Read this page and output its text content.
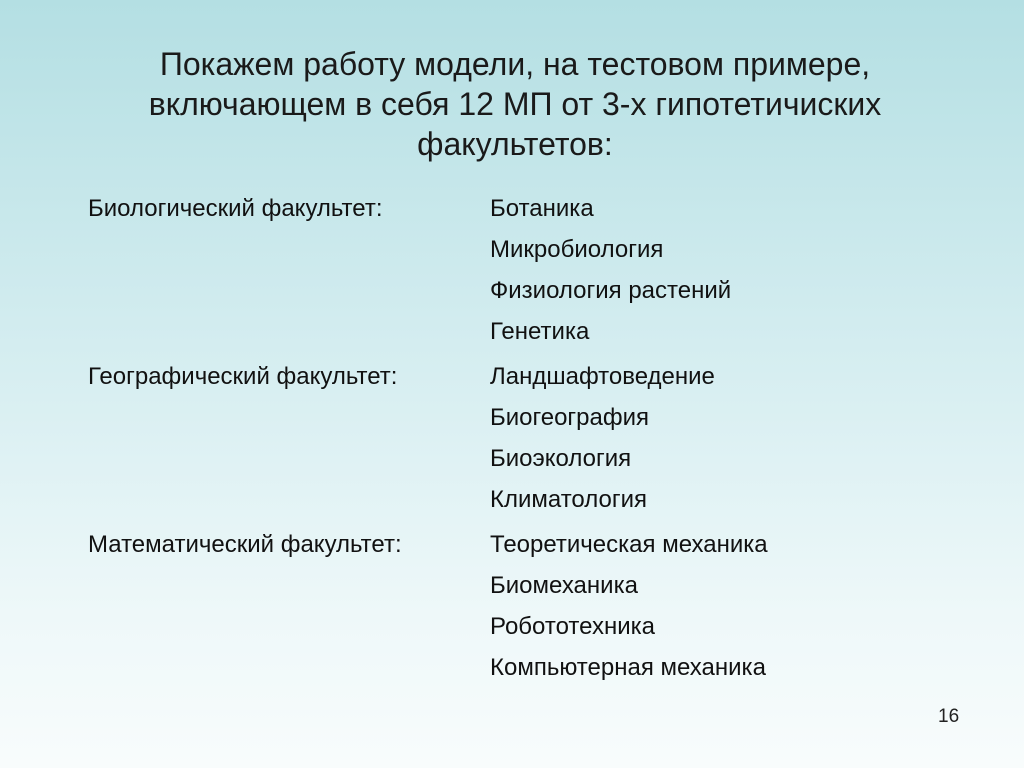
Покажем работу модели, на тестовом примере,
включающем в себя 12 МП от 3-х гипотетичиских
факультетов:
Биологический факультет:	Ботаника
Микробиология
Физиология растений
Генетика
Географический факультет:	Ландшафтоведение
Биогеография
Биоэкология
Климатология
Математический факультет:	Теоретическая механика
Биомеханика
Робототехника
Компьютерная механика
16
